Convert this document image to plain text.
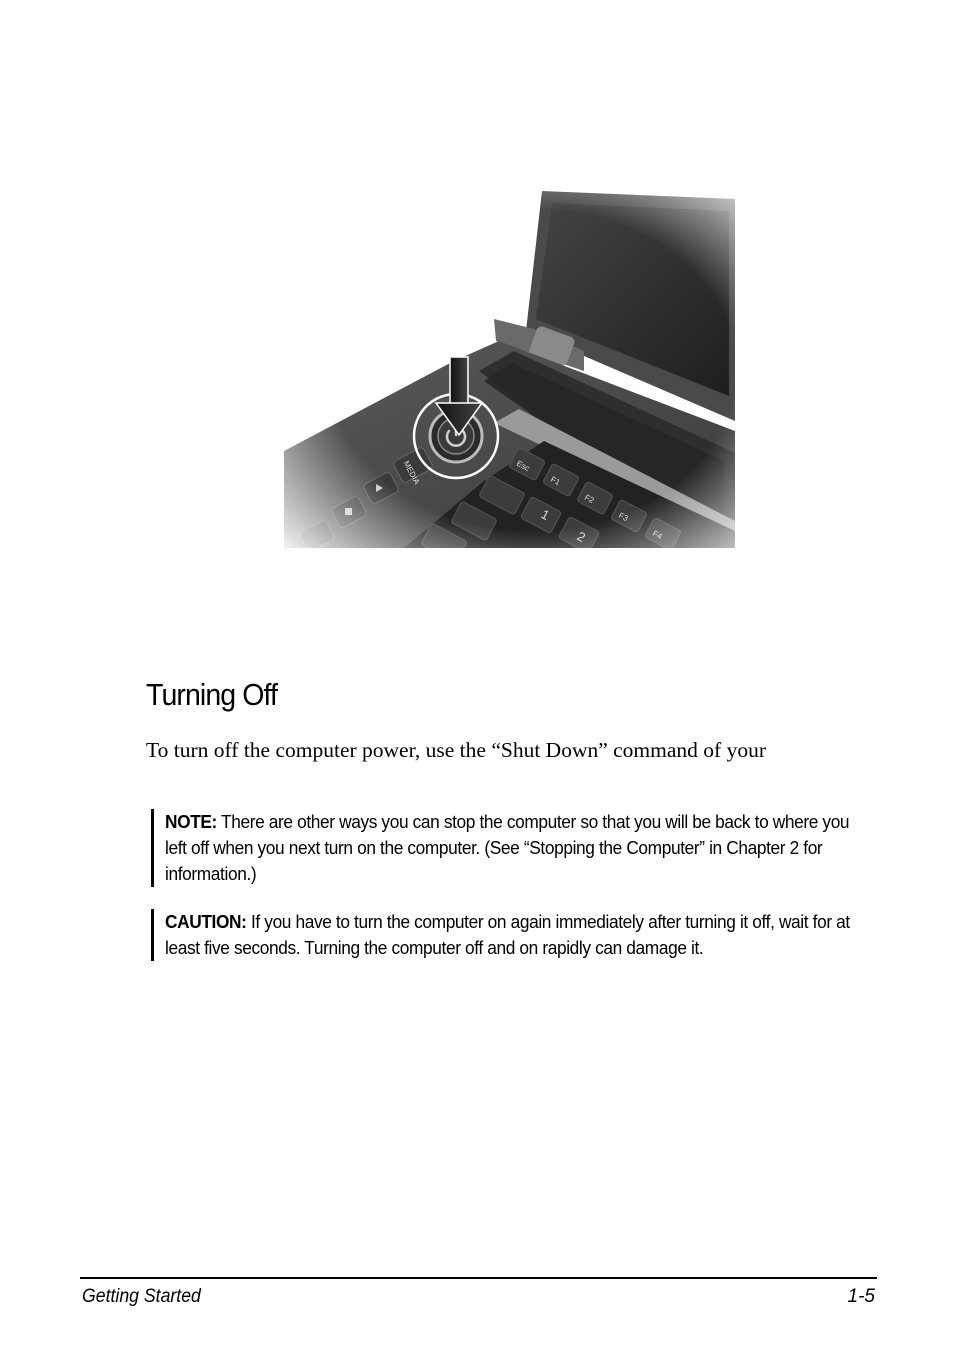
Turning Off

To turn off the computer power, use the “Shut Down” command of your

NOTE: There are other ways you can stop the computer so that you will be back to where you left off when you next turn on the computer. (See “Stopping the Computer” in Chapter 2 for information.)
CAUTION: If you have to turn the computer on again immediately after turning it off, wait for at least five seconds. Turning the computer off and on rapidly can damage it.
Getting Started	1-5
